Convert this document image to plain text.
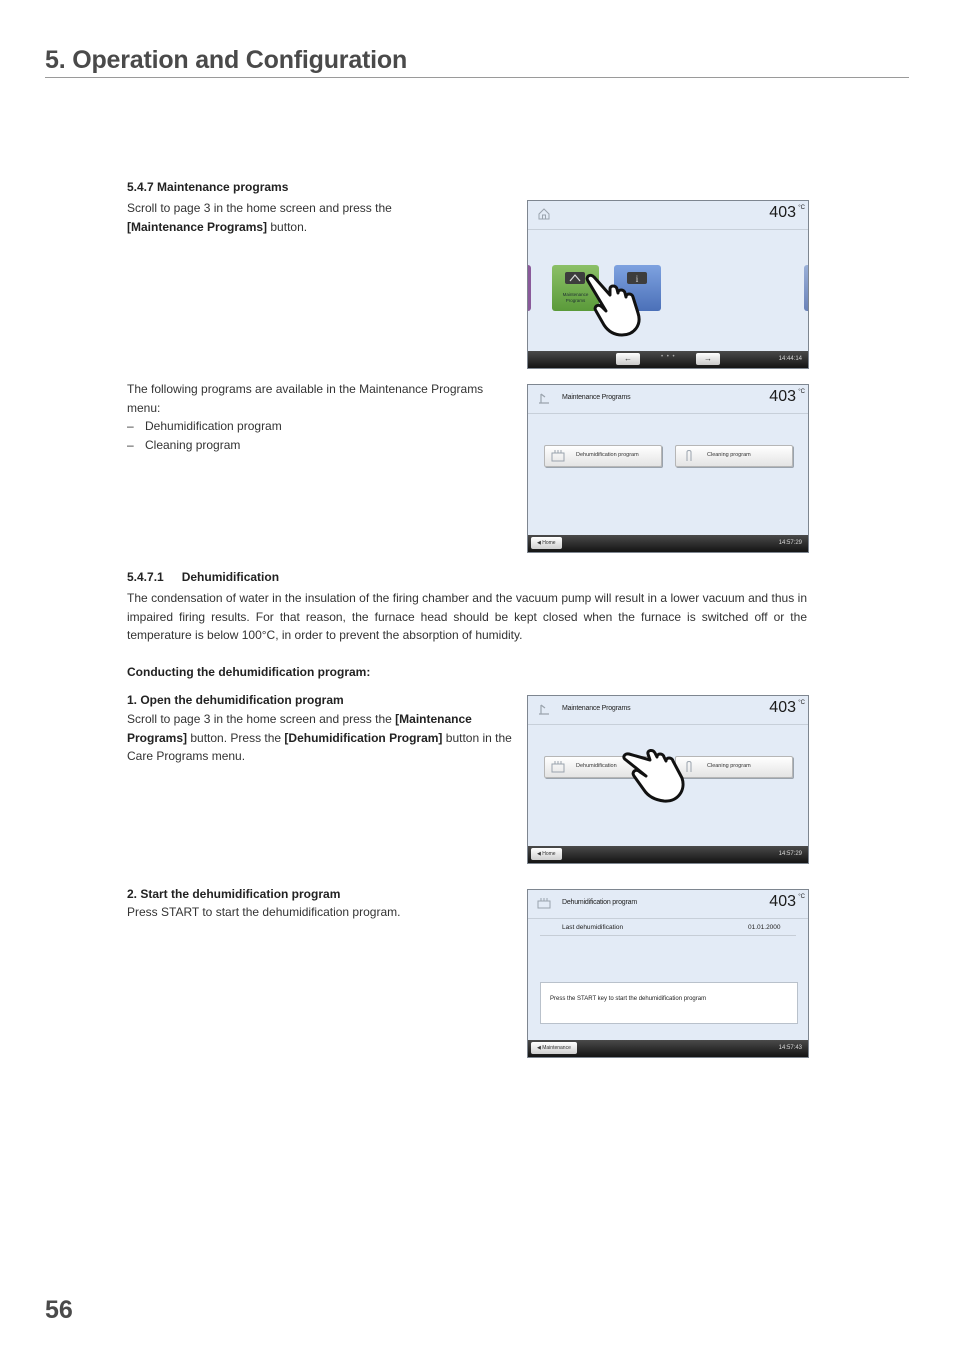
5. Operation and Configuration
5.4.7 Maintenance programs
Scroll to page 3 in the home screen and press the [Maintenance Programs] button.
403 °C
Maintenance Programs
i
←	• • •	→	14:44:14
The following programs are available in the Maintenance Programs menu:
– Dehumidification program
– Cleaning program
Maintenance Programs	403 °C
Dehumidification program	Cleaning program
◀ Home	14:57:29
5.4.7.1 Dehumidification
The condensation of water in the insulation of the firing chamber and the vacuum pump will result in a lower vacuum and thus in impaired firing results. For that reason, the furnace head should be kept closed when the furnace is switched off or the temperature is below 100°C, in order to prevent the absorption of humidity.
Conducting the dehumidification program:
1. Open the dehumidification program
Scroll to page 3 in the home screen and press the [Maintenance Programs] button. Press the [Dehumidification Program] button in the Care Programs menu.
Maintenance Programs	403 °C
Dehumidification	Cleaning program
◀ Home	14:57:29
2. Start the dehumidification program
Press START to start the dehumidification program.
Dehumidification program	403 °C
Last dehumidification	01.01.2000
Press the START key to start the dehumidification program
◀ Maintenance	14:57:43
56
